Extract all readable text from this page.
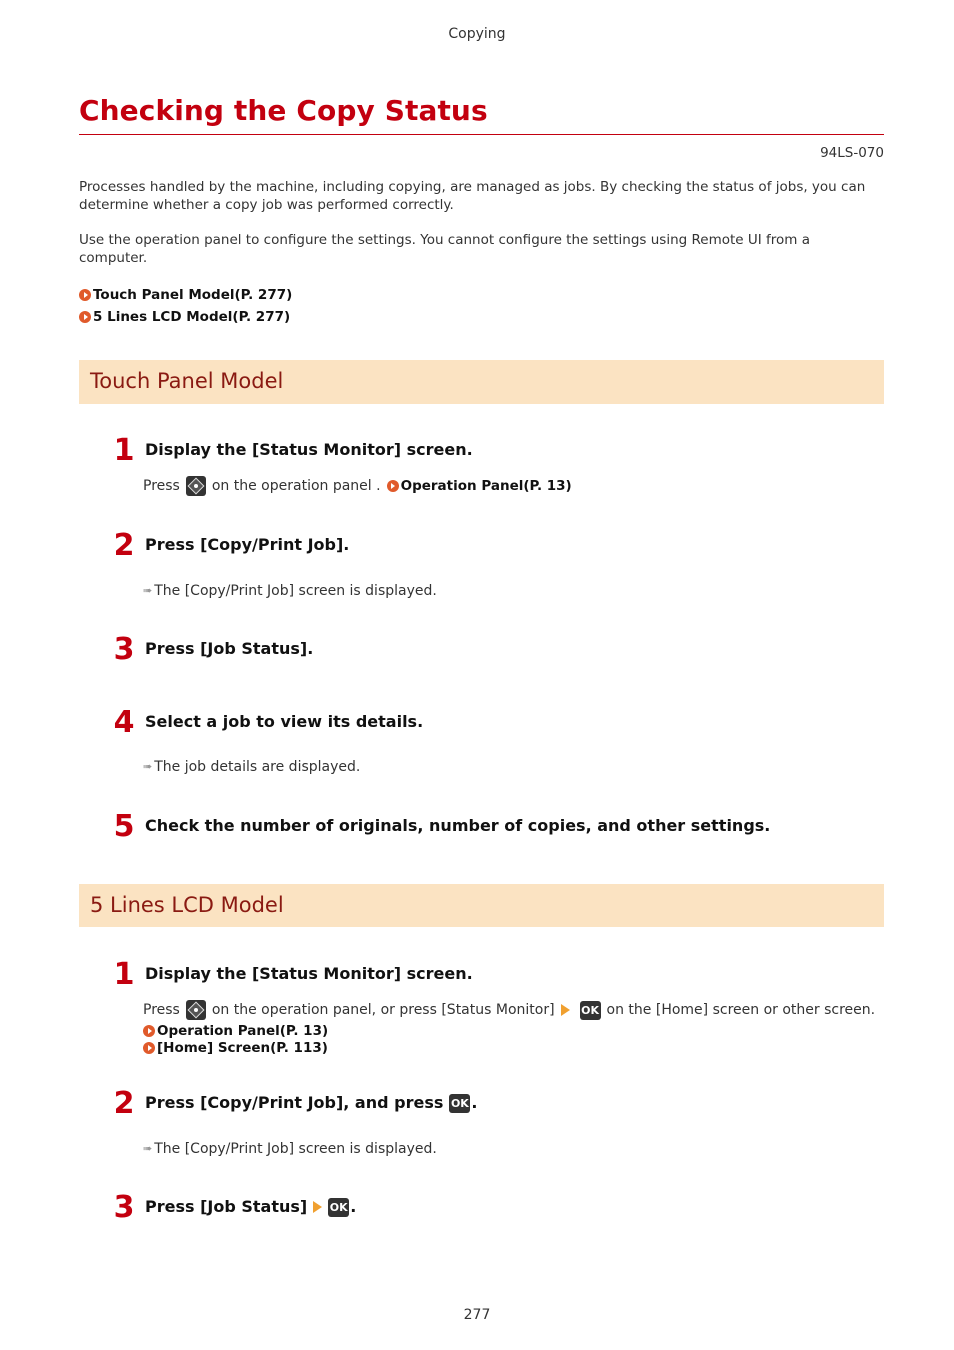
Copying
Checking the Copy Status
94LS-070
Processes handled by the machine, including copying, are managed as jobs. By checking the status of jobs, you can
determine whether a copy job was performed correctly.
Use the operation panel to configure the settings. You cannot configure the settings using Remote UI from a
computer.
Touch Panel Model(P. 277)
5 Lines LCD Model(P. 277)
Touch Panel Model
1 Display the [Status Monitor] screen.
Press on the operation panel . Operation Panel(P. 13)
2 Press [Copy/Print Job].
➠ The [Copy/Print Job] screen is displayed.
3 Press [Job Status].
4 Select a job to view its details.
➠ The job details are displayed.
5 Check the number of originals, number of copies, and other settings.
5 Lines LCD Model
1 Display the [Status Monitor] screen.
Press on the operation panel, or press [Status Monitor] OK on the [Home] screen or other screen.
Operation Panel(P. 13)
[Home] Screen(P. 113)
2 Press [Copy/Print Job], and press OK .
➠ The [Copy/Print Job] screen is displayed.
3 Press [Job Status] OK .
277
